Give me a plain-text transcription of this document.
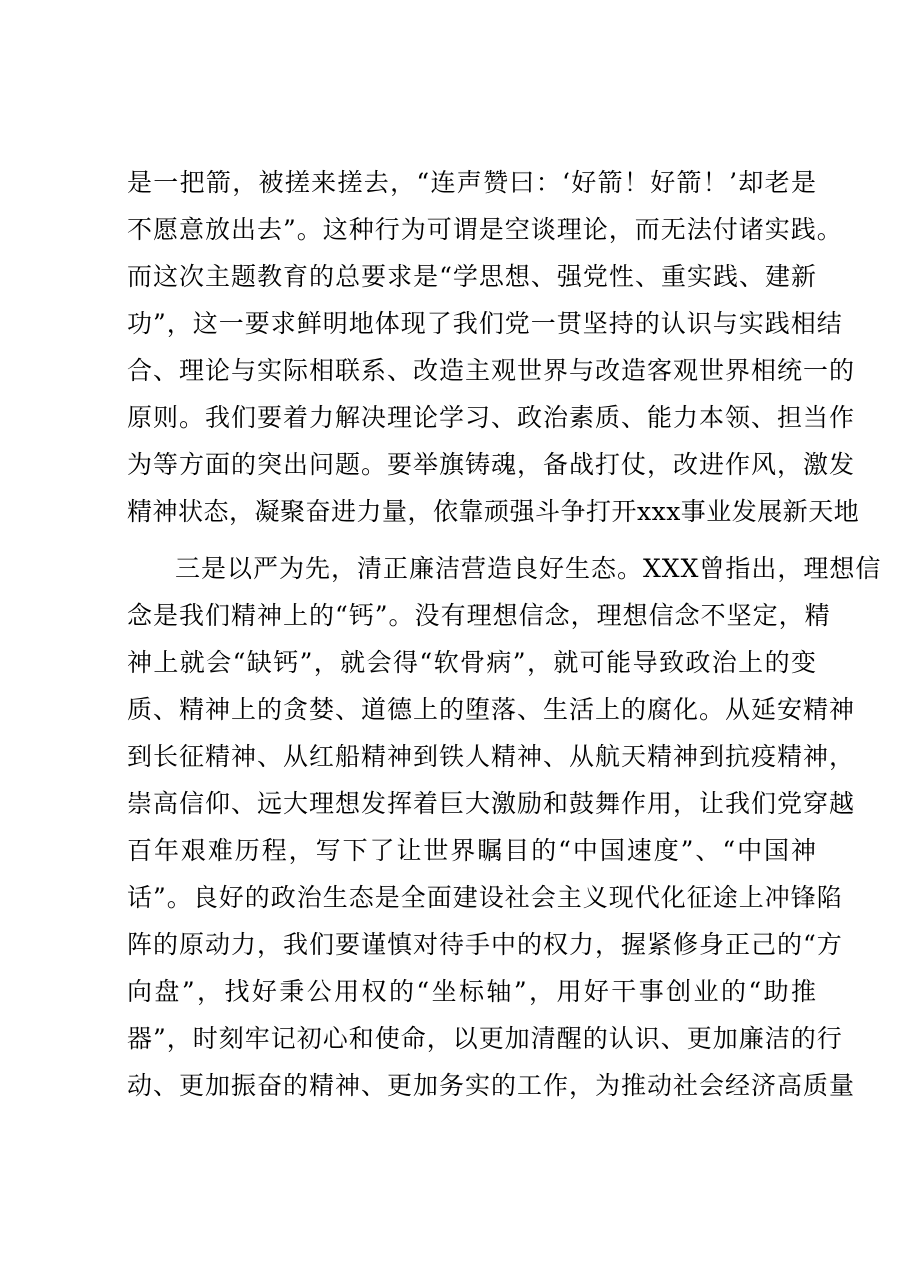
是一把箭，被搓来搓去，“连声赞曰：‘好箭！好箭！’却老是
不愿意放出去”。这种行为可谓是空谈理论，而无法付诸实践。
而这次主题教育的总要求是“学思想、强党性、重实践、建新
功”，这一要求鲜明地体现了我们党一贯坚持的认识与实践相结
合、理论与实际相联系、改造主观世界与改造客观世界相统一的
原则。我们要着力解决理论学习、政治素质、能力本领、担当作
为等方面的突出问题。要举旗铸魂，备战打仗，改进作风，激发
精神状态，凝聚奋进力量，依靠顽强斗争打开xxx事业发展新天地
三是以严为先，清正廉洁营造良好生态。XXX曾指出，理想信
念是我们精神上的“钙”。没有理想信念，理想信念不坚定，精
神上就会“缺钙”，就会得“软骨病”，就可能导致政治上的变
质、精神上的贪婪、道德上的堕落、生活上的腐化。从延安精神
到长征精神、从红船精神到铁人精神、从航天精神到抗疫精神，
崇高信仰、远大理想发挥着巨大激励和鼓舞作用，让我们党穿越
百年艰难历程，写下了让世界瞩目的“中国速度”、“中国神
话”。良好的政治生态是全面建设社会主义现代化征途上冲锋陷
阵的原动力，我们要谨慎对待手中的权力，握紧修身正己的“方
向盘”，找好秉公用权的“坐标轴”，用好干事创业的“助推
器”，时刻牢记初心和使命，以更加清醒的认识、更加廉洁的行
动、更加振奋的精神、更加务实的工作，为推动社会经济高质量
